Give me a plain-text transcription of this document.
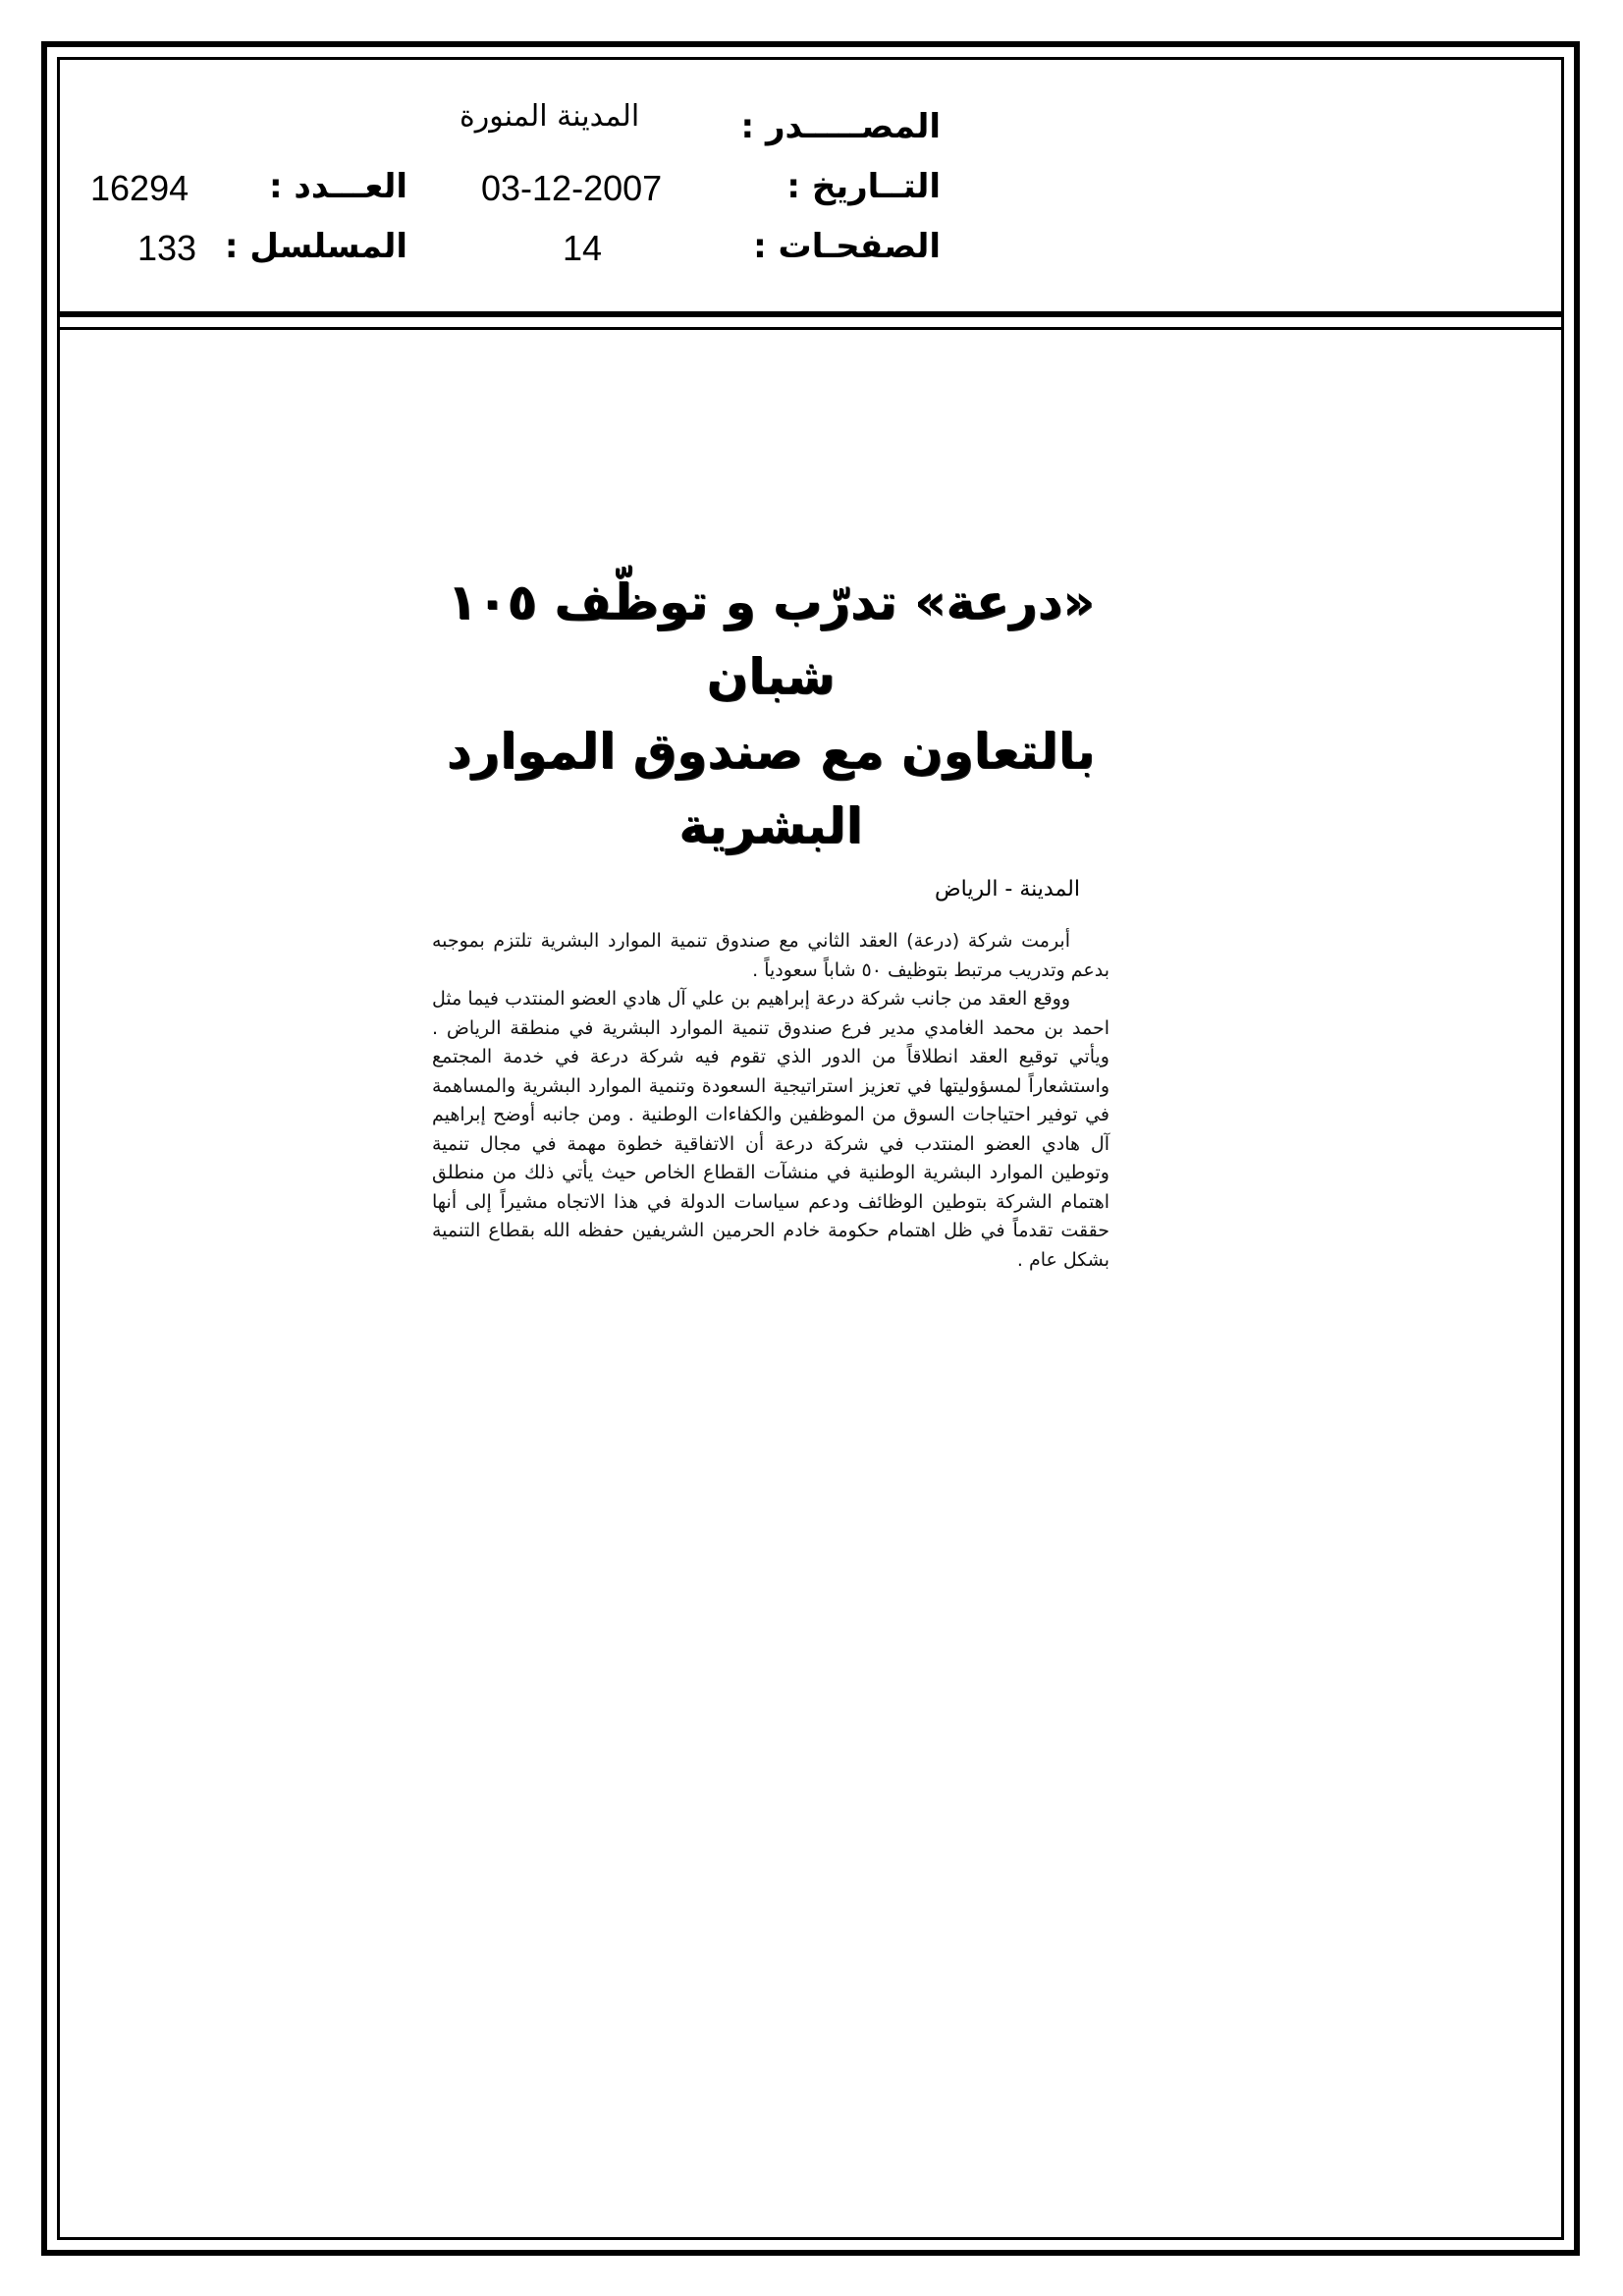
المصـــــدر :
المدينة المنورة
التــاريخ :
03-12-2007
العـــدد :
16294
الصفحـات :
14
المسلسل :
133
«درعة» تدرّب و توظّف ١٠٥ شبان
بالتعاون مع صندوق الموارد البشرية
المدينة - الرياض

أبرمت شركة (درعة) العقد الثاني مع صندوق تنمية الموارد البشرية تلتزم بموجبه بدعم وتدريب مرتبط بتوظيف ٥٠ شاباً سعودياً .

ووقع العقد من جانب شركة درعة إبراهيم بن علي آل هادي العضو المنتدب فيما مثل احمد بن محمد الغامدي مدير فرع صندوق تنمية الموارد البشرية في منطقة الرياض . ويأتي توقيع العقد انطلاقاً من الدور الذي تقوم فيه شركة درعة في خدمة المجتمع واستشعاراً لمسؤوليتها في تعزيز استراتيجية السعودة وتنمية الموارد البشرية والمساهمة في توفير احتياجات السوق من الموظفين والكفاءات الوطنية . ومن جانبه أوضح إبراهيم آل هادي العضو المنتدب في شركة درعة أن الاتفاقية خطوة مهمة في مجال تنمية وتوطين الموارد البشرية الوطنية في منشآت القطاع الخاص حيث يأتي ذلك من منطلق اهتمام الشركة بتوطين الوظائف ودعم سياسات الدولة في هذا الاتجاه مشيراً إلى أنها حققت تقدماً في ظل اهتمام حكومة خادم الحرمين الشريفين حفظه الله بقطاع التنمية بشكل عام .
